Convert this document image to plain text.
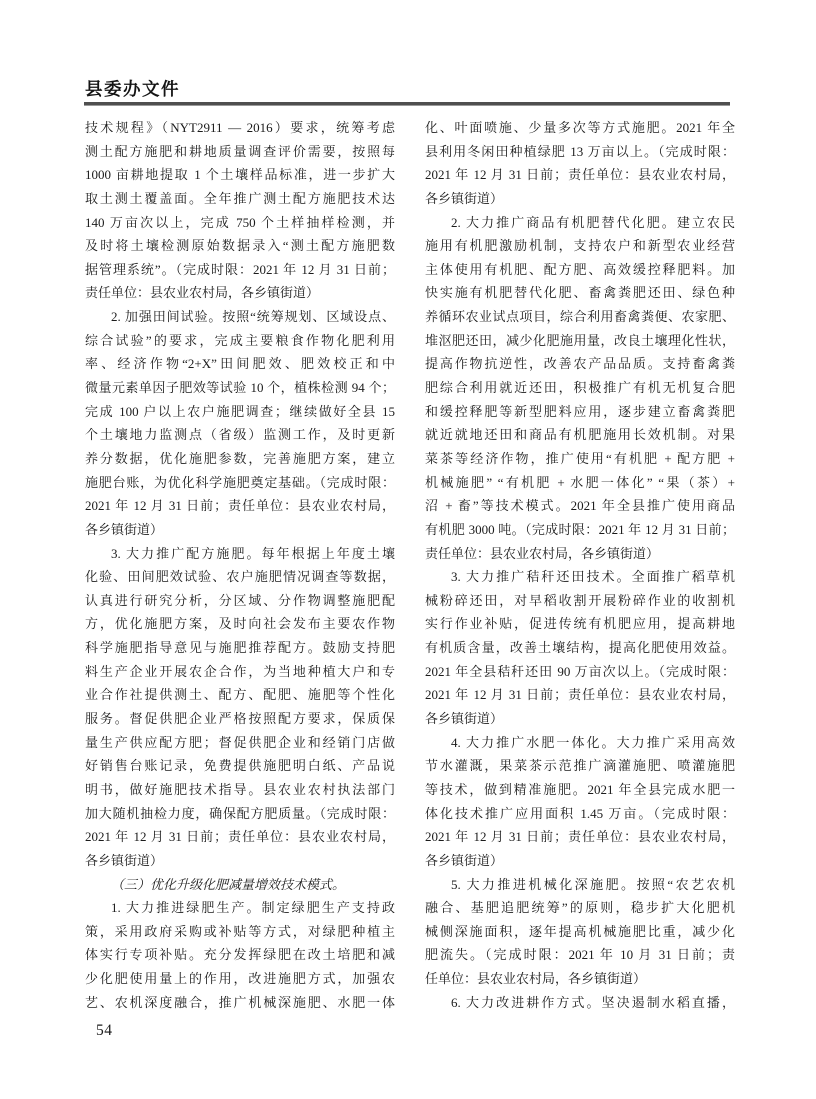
县委办文件
技术规程》（NYT2911 — 2016）要求，统筹考虑
测土配方施肥和耕地质量调查评价需要，按照每
1000 亩耕地提取 1 个土壤样品标准，进一步扩大
取土测土覆盖面。全年推广测土配方施肥技术达
140 万亩次以上，完成 750 个土样抽样检测，并
及时将土壤检测原始数据录入“测土配方施肥数
据管理系统”。（完成时限：2021 年 12 月 31 日前；
责任单位：县农业农村局，各乡镇街道）
2. 加强田间试验。按照“统筹规划、区域设点、
综合试验”的要求，完成主要粮食作物化肥利用
率、经济作物“2+X”田间肥效、肥效校正和中
微量元素单因子肥效等试验 10 个，植株检测 94 个；
完成 100 户以上农户施肥调查；继续做好全县 15
个土壤地力监测点（省级）监测工作，及时更新
养分数据，优化施肥参数，完善施肥方案，建立
施肥台账，为优化科学施肥奠定基础。（完成时限：
2021 年 12 月 31 日前；责任单位：县农业农村局，
各乡镇街道）
3. 大力推广配方施肥。每年根据上年度土壤
化验、田间肥效试验、农户施肥情况调查等数据，
认真进行研究分析，分区域、分作物调整施肥配
方，优化施肥方案，及时向社会发布主要农作物
科学施肥指导意见与施肥推荐配方。鼓励支持肥
料生产企业开展农企合作，为当地种植大户和专
业合作社提供测土、配方、配肥、施肥等个性化
服务。督促供肥企业严格按照配方要求，保质保
量生产供应配方肥；督促供肥企业和经销门店做
好销售台账记录，免费提供施肥明白纸、产品说
明书，做好施肥技术指导。县农业农村执法部门
加大随机抽检力度，确保配方肥质量。（完成时限：
2021 年 12 月 31 日前；责任单位：县农业农村局，
各乡镇街道）
（三）优化升级化肥减量增效技术模式。
1. 大力推进绿肥生产。制定绿肥生产支持政
策，采用政府采购或补贴等方式，对绿肥种植主
体实行专项补贴。充分发挥绿肥在改土培肥和减
少化肥使用量上的作用，改进施肥方式，加强农
艺、农机深度融合，推广机械深施肥、水肥一体
化、叶面喷施、少量多次等方式施肥。2021 年全
县利用冬闲田种植绿肥 13 万亩以上。（完成时限：
2021 年 12 月 31 日前；责任单位：县农业农村局，
各乡镇街道）
2. 大力推广商品有机肥替代化肥。建立农民
施用有机肥激励机制，支持农户和新型农业经营
主体使用有机肥、配方肥、高效缓控释肥料。加
快实施有机肥替代化肥、畜禽粪肥还田、绿色种
养循环农业试点项目，综合利用畜禽粪便、农家肥、
堆沤肥还田，减少化肥施用量，改良土壤理化性状，
提高作物抗逆性，改善农产品品质。支持畜禽粪
肥综合利用就近还田，积极推广有机无机复合肥
和缓控释肥等新型肥料应用，逐步建立畜禽粪肥
就近就地还田和商品有机肥施用长效机制。对果
菜茶等经济作物，推广使用“有机肥 + 配方肥 +
机械施肥” “有机肥 + 水肥一体化” “果（茶）+
沼 + 畜”等技术模式。2021 年全县推广使用商品
有机肥 3000 吨。（完成时限：2021 年 12 月 31 日前；
责任单位：县农业农村局，各乡镇街道）
3. 大力推广秸秆还田技术。全面推广稻草机
械粉碎还田，对早稻收割开展粉碎作业的收割机
实行作业补贴，促进传统有机肥应用，提高耕地
有机质含量，改善土壤结构，提高化肥使用效益。
2021 年全县秸秆还田 90 万亩次以上。（完成时限：
2021 年 12 月 31 日前；责任单位：县农业农村局，
各乡镇街道）
4. 大力推广水肥一体化。大力推广采用高效
节水灌溉，果菜茶示范推广滴灌施肥、喷灌施肥
等技术，做到精准施肥。2021 年全县完成水肥一
体化技术推广应用面积 1.45 万亩。（完成时限：
2021 年 12 月 31 日前；责任单位：县农业农村局，
各乡镇街道）
5. 大力推进机械化深施肥。按照“农艺农机
融合、基肥追肥统筹”的原则，稳步扩大化肥机
械侧深施面积，逐年提高机械施肥比重，减少化
肥流失。（完成时限：2021 年 10 月 31 日前；责
任单位：县农业农村局，各乡镇街道）
6. 大力改进耕作方式。坚决遏制水稻直播，
54
